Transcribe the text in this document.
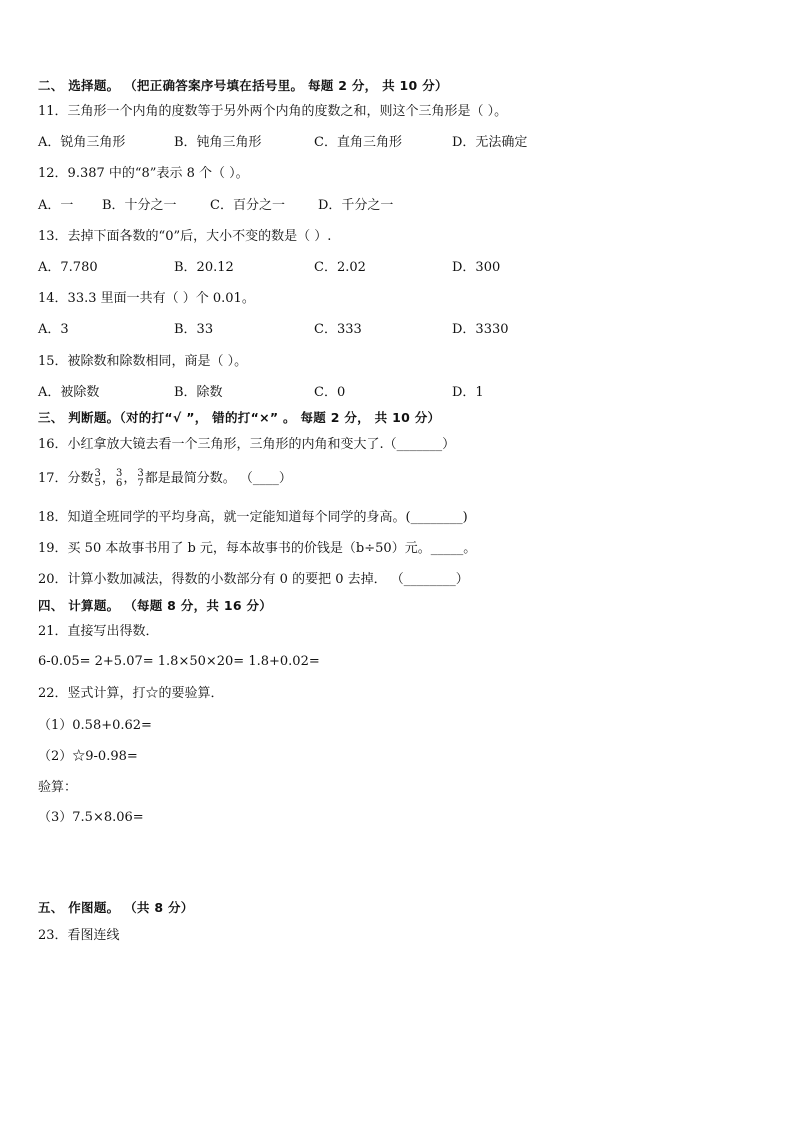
二、 选择题。 （把正确答案序号填在括号里。 每题 2 分， 共 10 分）
11．三角形一个内角的度数等于另外两个内角的度数之和，则这个三角形是（ ）。
A．锐角三角形	B．钝角三角形	C．直角三角形	D．无法确定
12．9.387 中的“8”表示 8 个（ ）。
A．一 B．十分之一	C．百分之一	D．千分之一
13．去掉下面各数的“0”后，大小不变的数是（ ）.
A．7.780	B．20.12	C．2.02	D．300
14．33.3 里面一共有（ ）个 0.01。
A．3	B．33	C．333	D．3330
15．被除数和除数相同，商是（ ）。
A．被除数	B．除数	C．0	D．1
三、 判断题。（对的打“√ ”， 错的打“×” 。 每题 2 分， 共 10 分）
16．小红拿放大镜去看一个三角形，三角形的内角和变大了.（_______）
17．分数 3
5 ， 3
6 ， 3
7 都是最简分数。 （____）
18．知道全班同学的平均身高，就一定能知道每个同学的身高。(________)
19．买 50 本故事书用了 b 元，每本故事书的价钱是（b÷50）元。_____。
20．计算小数加减法，得数的小数部分有 0 的要把 0 去掉． （________）
四、 计算题。 （每题 8 分，共 16 分）
21．直接写出得数．
6-0.05= 2+5.07= 1.8×50×20= 1.8+0.02=
22．竖式计算，打☆的要验算．
（1）0.58+0.62=
（2）☆9-0.98=
验算：
（3）7.5×8.06=
五、 作图题。 （共 8 分）
23．看图连线
